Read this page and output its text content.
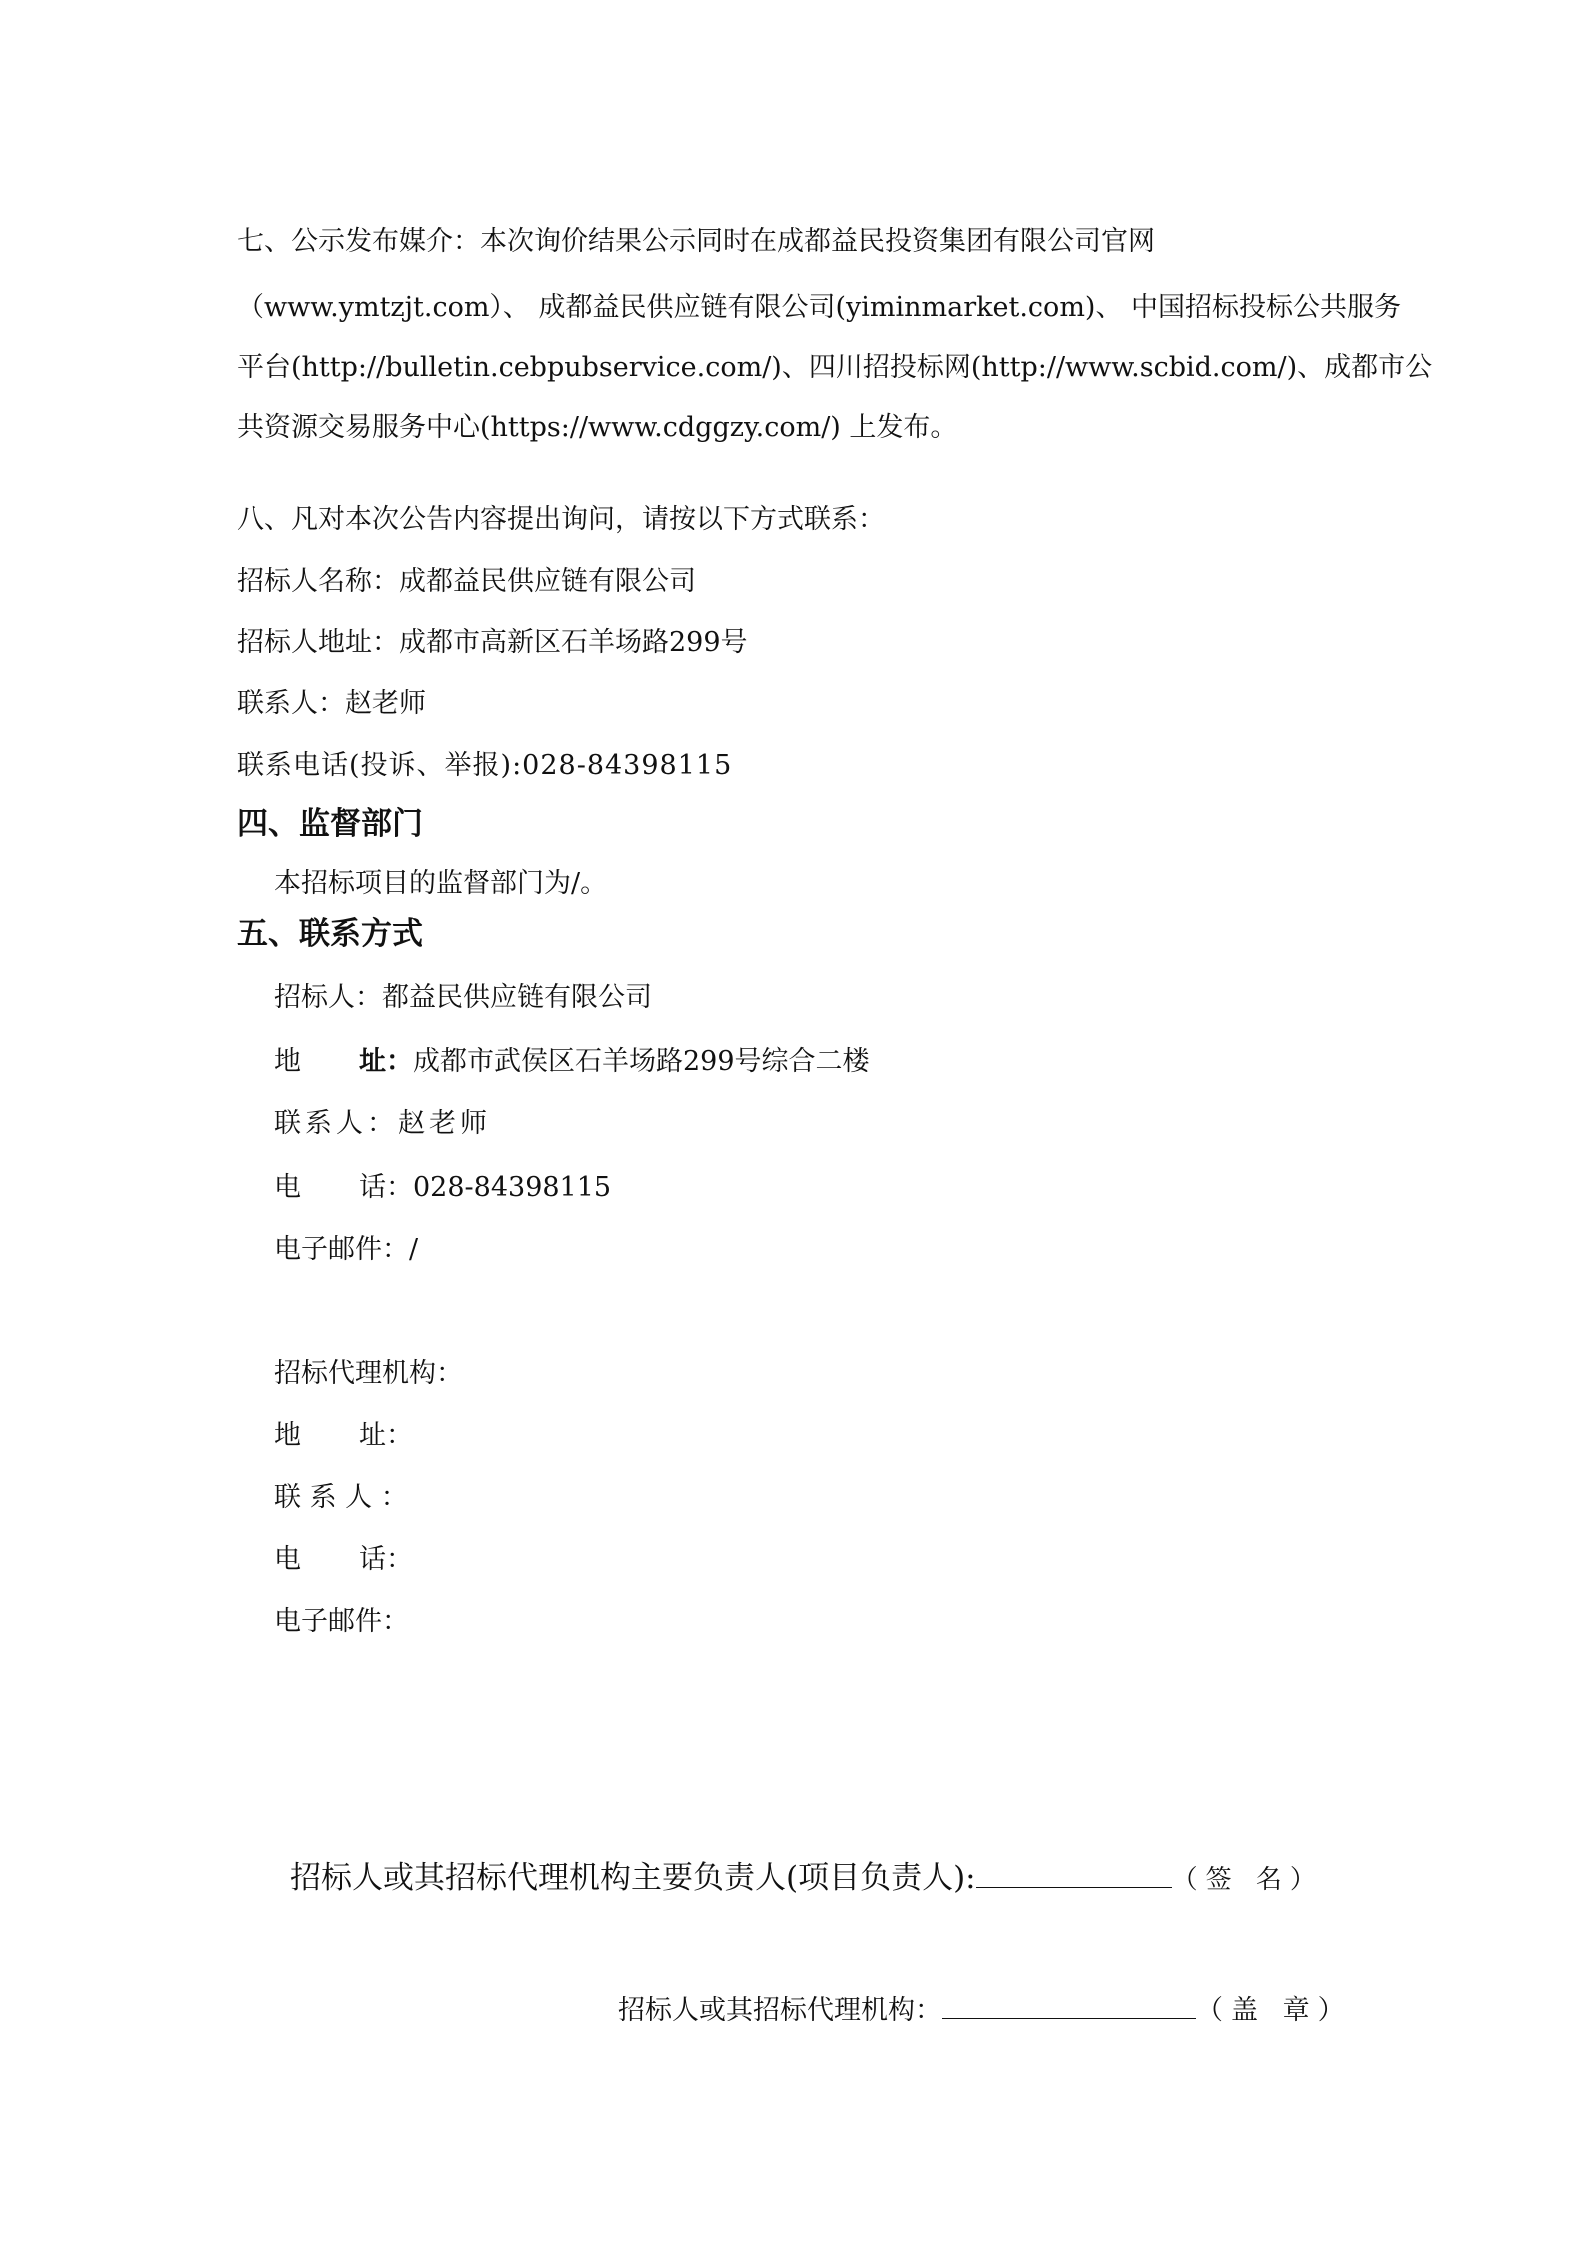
七、公示发布媒介：本次询价结果公示同时在成都益民投资集团有限公司官网
（www.ymtzjt.com）、 成都益民供应链有限公司(yiminmarket.com)、 中国招标投标公共服务
平台(http://bulletin.cebpubservice.com/)、四川招投标网(http://www.scbid.com/)、成都市公
共资源交易服务中心(https://www.cdggzy.com/) 上发布。
八、凡对本次公告内容提出询问，请按以下方式联系：
招标人名称：成都益民供应链有限公司
招标人地址：成都市高新区石羊场路299号
联系人：赵老师
联系电话(投诉、举报):028-84398115
四、监督部门
本招标项目的监督部门为/。
五、联系方式
招标人：都益民供应链有限公司
地 址：成都市武侯区石羊场路299号综合二楼
联系人：赵老师
电 话：028-84398115
电子邮件：/
招标代理机构：
地 址：
联 系 人 ：
电 话：
电子邮件：
招标人或其招标代理机构主要负责人(项目负责人):	（签 名）
招标人或其招标代理机构：	（盖 章）
